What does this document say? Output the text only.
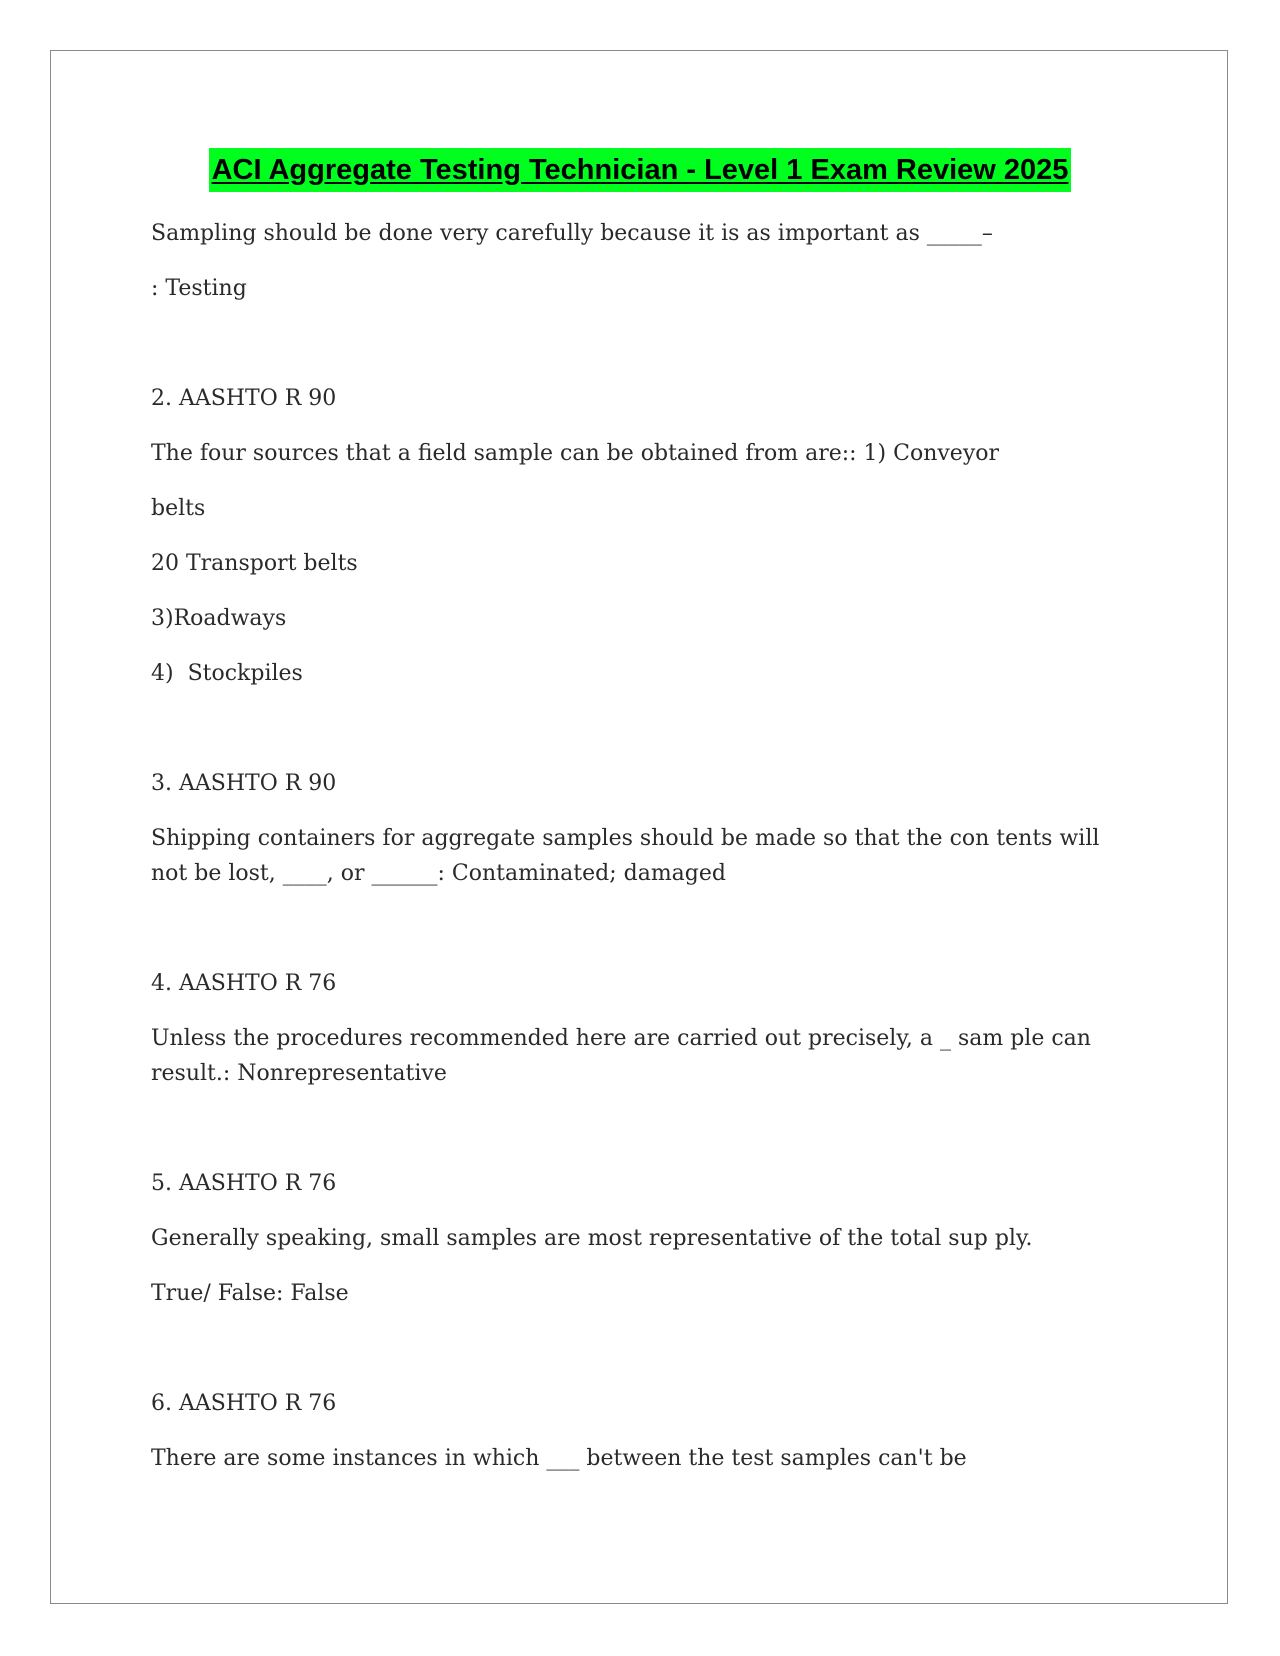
ACI Aggregate Testing Technician - Level 1 Exam Review 2025
Sampling should be done very carefully because it is as important as _____–
: Testing
2. AASHTO R 90
The four sources that a field sample can be obtained from are:: 1) Conveyor
belts
20 Transport belts
3)Roadways
4)  Stockpiles
3. AASHTO R 90
Shipping containers for aggregate samples should be made so that the con tents will
not be lost, ____, or ______: Contaminated; damaged
4. AASHTO R 76
Unless the procedures recommended here are carried out precisely, a _ sam ple can
result.: Nonrepresentative
5. AASHTO R 76
Generally speaking, small samples are most representative of the total sup ply.
True/ False: False
6. AASHTO R 76
There are some instances in which ___ between the test samples can't be
